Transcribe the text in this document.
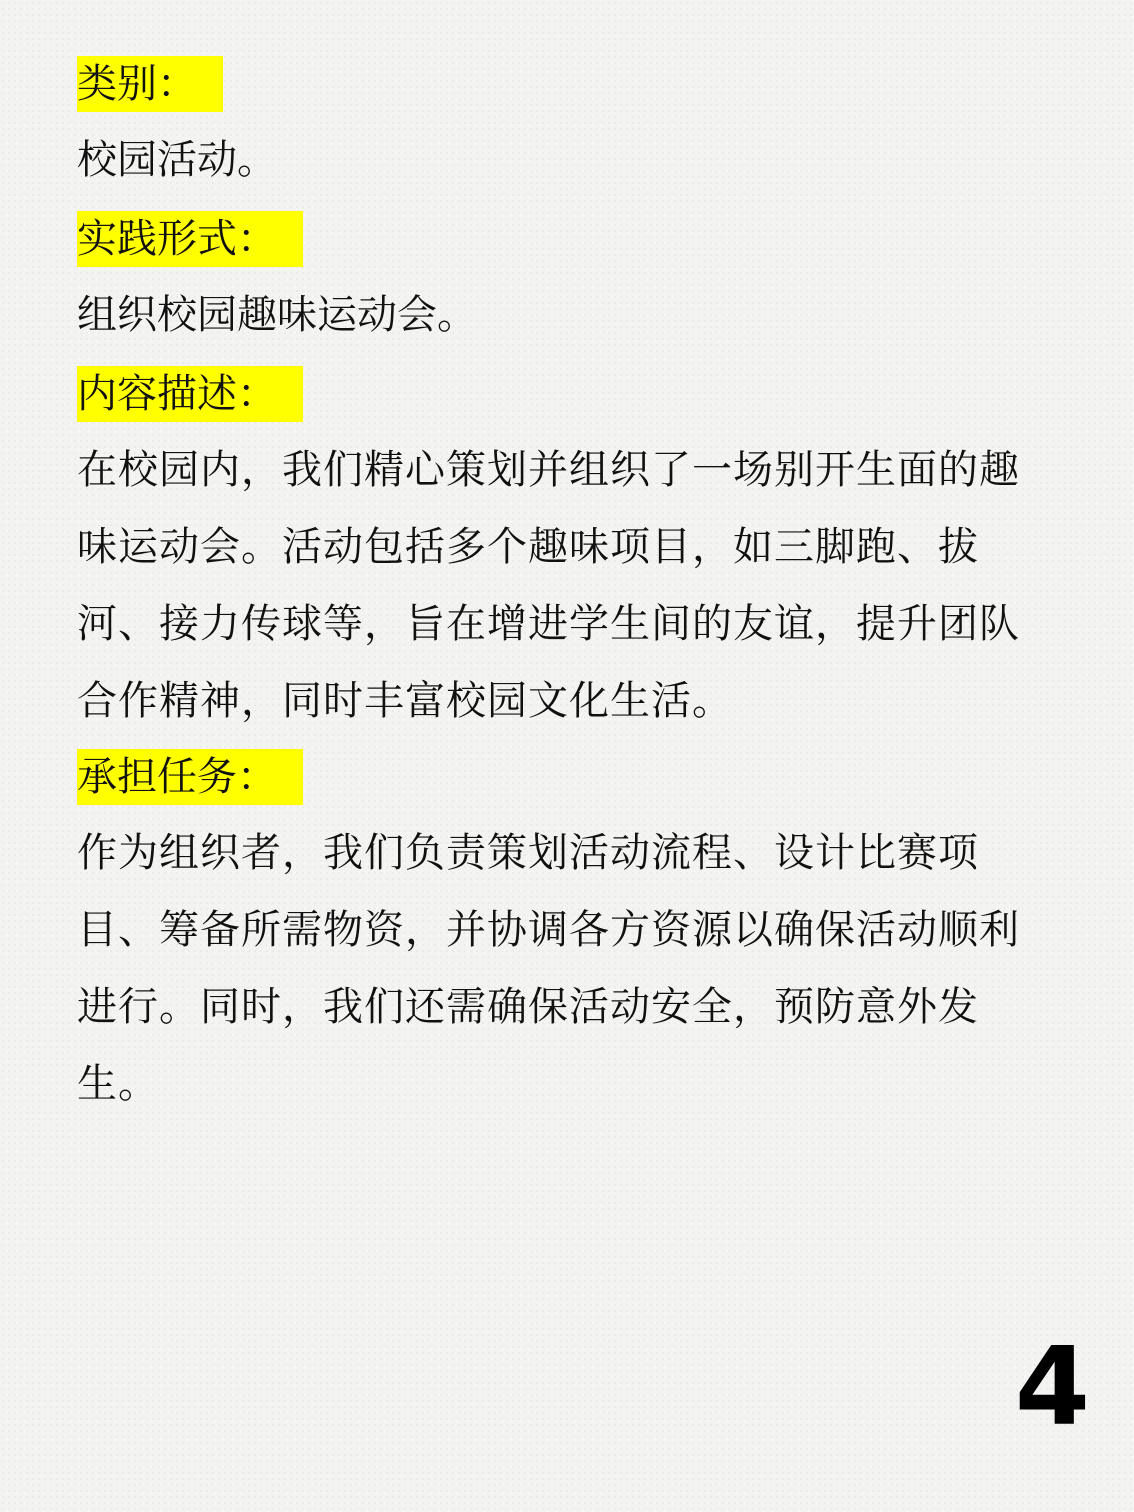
类别：

校园活动。

实践形式：

组织校园趣味运动会。

内容描述：

在校园内，我们精心策划并组织了一场别开生面的趣味运动会。活动包括多个趣味项目，如三脚跑、拔河、接力传球等，旨在增进学生间的友谊，提升团队合作精神，同时丰富校园文化生活。

承担任务：

作为组织者，我们负责策划活动流程、设计比赛项目、筹备所需物资，并协调各方资源以确保活动顺利进行。同时，我们还需确保活动安全，预防意外发生。

4
